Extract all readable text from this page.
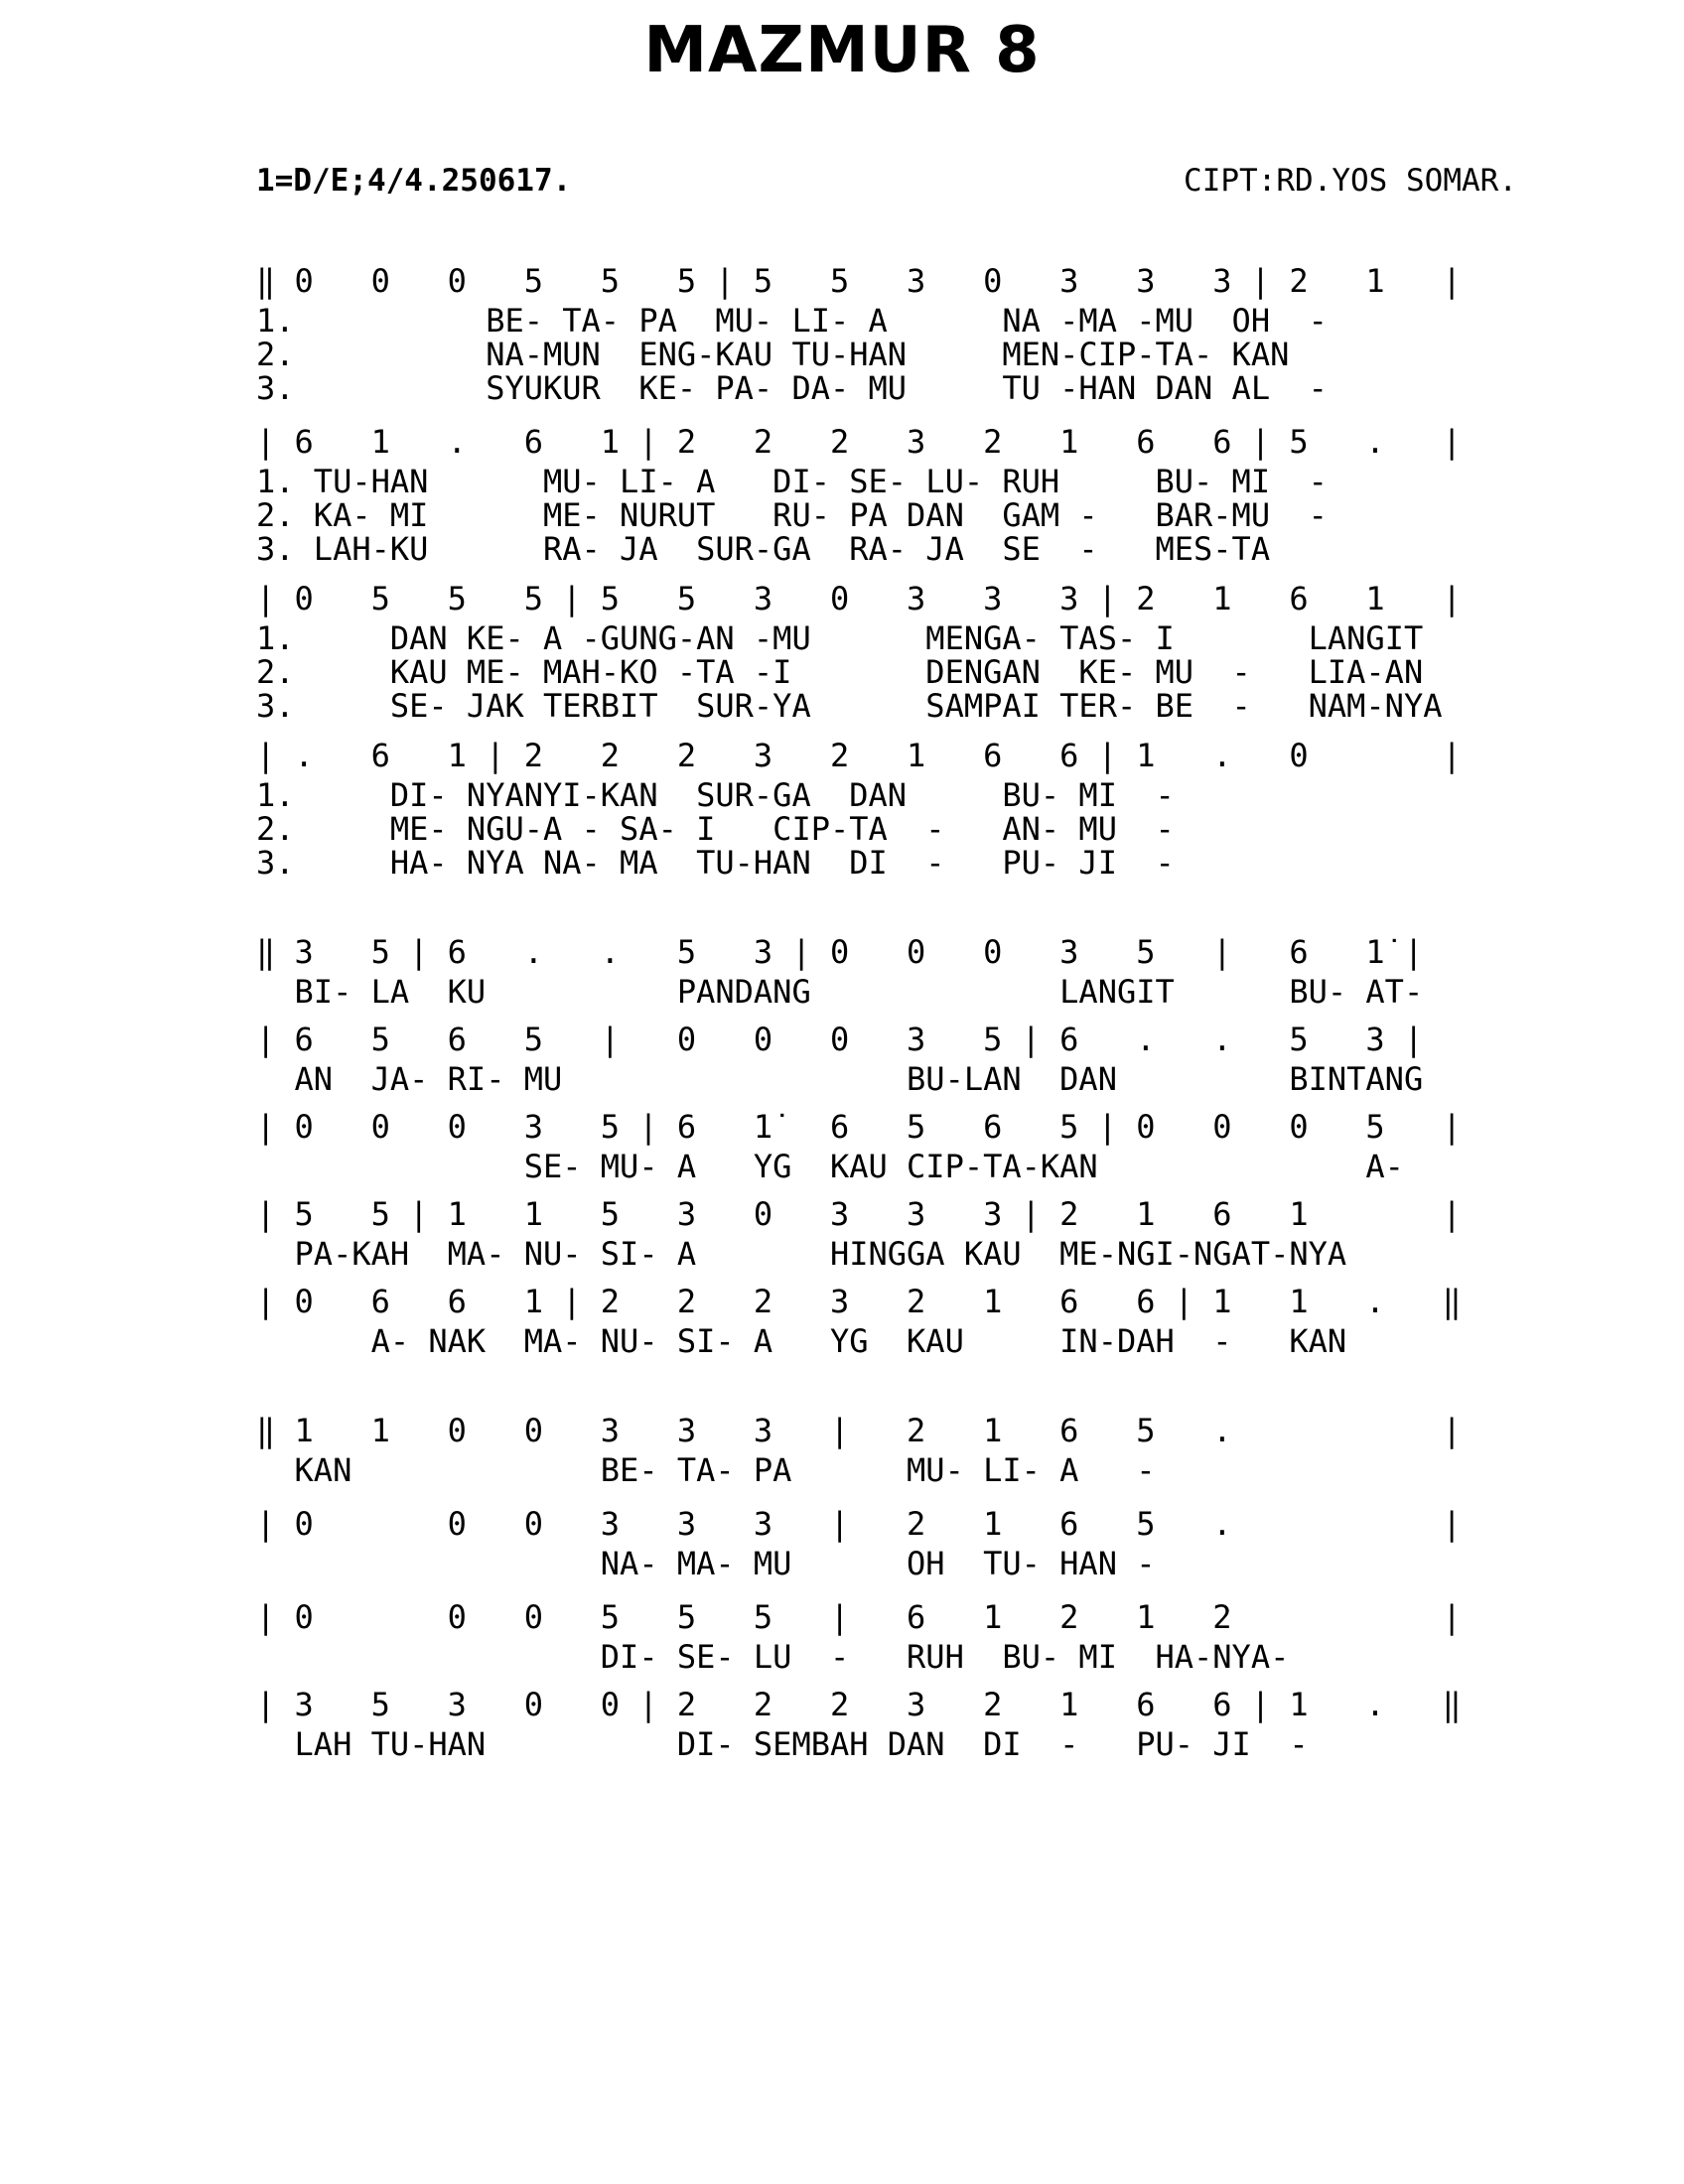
MAZMUR 8
1=D/E;4/4.250617.	CIPT:RD.YOS SOMAR.
‖ 0   0   0   5   5   5 | 5   5   3   0   3   3   3 | 2   1   |
1.          BE- TA- PA  MU- LI- A      NA -MA -MU  OH  -
2.          NA-MUN  ENG-KAU TU-HAN     MEN-CIP-TA- KAN
3.          SYUKUR  KE- PA- DA- MU     TU -HAN DAN AL  -
| 6   1   .   6   1 | 2   2   2   3   2   1   6   6 | 5   .   |
1. TU-HAN      MU- LI- A   DI- SE- LU- RUH     BU- MI  -
2. KA- MI      ME- NURUT   RU- PA DAN  GAM -   BAR-MU  -
3. LAH-KU      RA- JA  SUR-GA  RA- JA  SE  -   MES-TA
| 0   5   5   5 | 5   5   3   0   3   3   3 | 2   1   6   1   |
1.     DAN KE- A -GUNG-AN -MU      MENGA- TAS- I       LANGIT
2.     KAU ME- MAH-KO -TA -I       DENGAN  KE- MU  -   LIA-AN
3.     SE- JAK TERBIT  SUR-YA      SAMPAI TER- BE  -   NAM-NYA
| .   6   1 | 2   2   2   3   2   1   6   6 | 1   .   0       |
1.     DI- NYANYI-KAN  SUR-GA  DAN     BU- MI  -
2.     ME- NGU-A - SA- I   CIP-TA  -   AN- MU  -
3.     HA- NYA NA- MA  TU-HAN  DI  -   PU- JI  -
‖ 3   5 | 6   .   .   5   3 | 0   0   0   3   5   |   6   1̇ |
BI- LA  KU          PANDANG             LANGIT      BU- AT-
| 6   5   6   5   |   0   0   0   3   5 | 6   .   .   5   3 |
AN  JA- RI- MU                  BU-LAN  DAN         BINTANG
| 0   0   0   3   5 | 6   1̇   6   5   6   5 | 0   0   0   5   |
SE- MU- A   YG  KAU CIP-TA-KAN              A-
| 5   5 | 1   1   5   3   0   3   3   3 | 2   1   6   1       |
PA-KAH  MA- NU- SI- A       HINGGA KAU  ME-NGI-NGAT-NYA
| 0   6   6   1 | 2   2   2   3   2   1   6   6 | 1   1   .   ‖
A- NAK  MA- NU- SI- A   YG  KAU     IN-DAH  -   KAN
‖ 1   1   0   0   3   3   3   |   2   1   6   5   .           |
KAN             BE- TA- PA      MU- LI- A   -
| 0       0   0   3   3   3   |   2   1   6   5   .           |
NA- MA- MU      OH  TU- HAN -
| 0       0   0   5   5   5   |   6   1   2   1   2           |
DI- SE- LU  -   RUH  BU- MI  HA-NYA-
| 3   5   3   0   0 | 2   2   2   3   2   1   6   6 | 1   .   ‖
LAH TU-HAN          DI- SEMBAH DAN  DI  -   PU- JI  -
